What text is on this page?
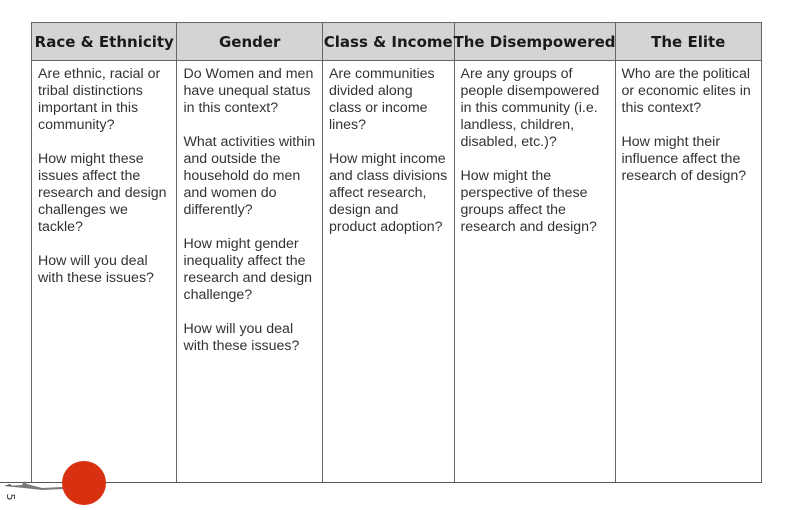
Race & Ethnicity

Are ethnic, racial or tribal distinctions important in this community?

How might these issues affect the research and design challenges we tackle?

How will you deal with these issues?

Gender

Do Women and men have unequal status in this context?

What activities within and outside the household do men and women do differently?

How might gender inequality affect the research and design challenge?

How will you deal with these issues?

Class & Income

Are communities divided along class or income lines?

How might income and class divisions affect research, design and product adoption?

The Disempowered

Are any groups of people disempowered in this community (i.e. landless, children, disabled, etc.)?

How might the perspective of these groups affect the research and design?

The Elite

Who are the political or economic elites in this context?

How might their influence affect the research of design?

5
